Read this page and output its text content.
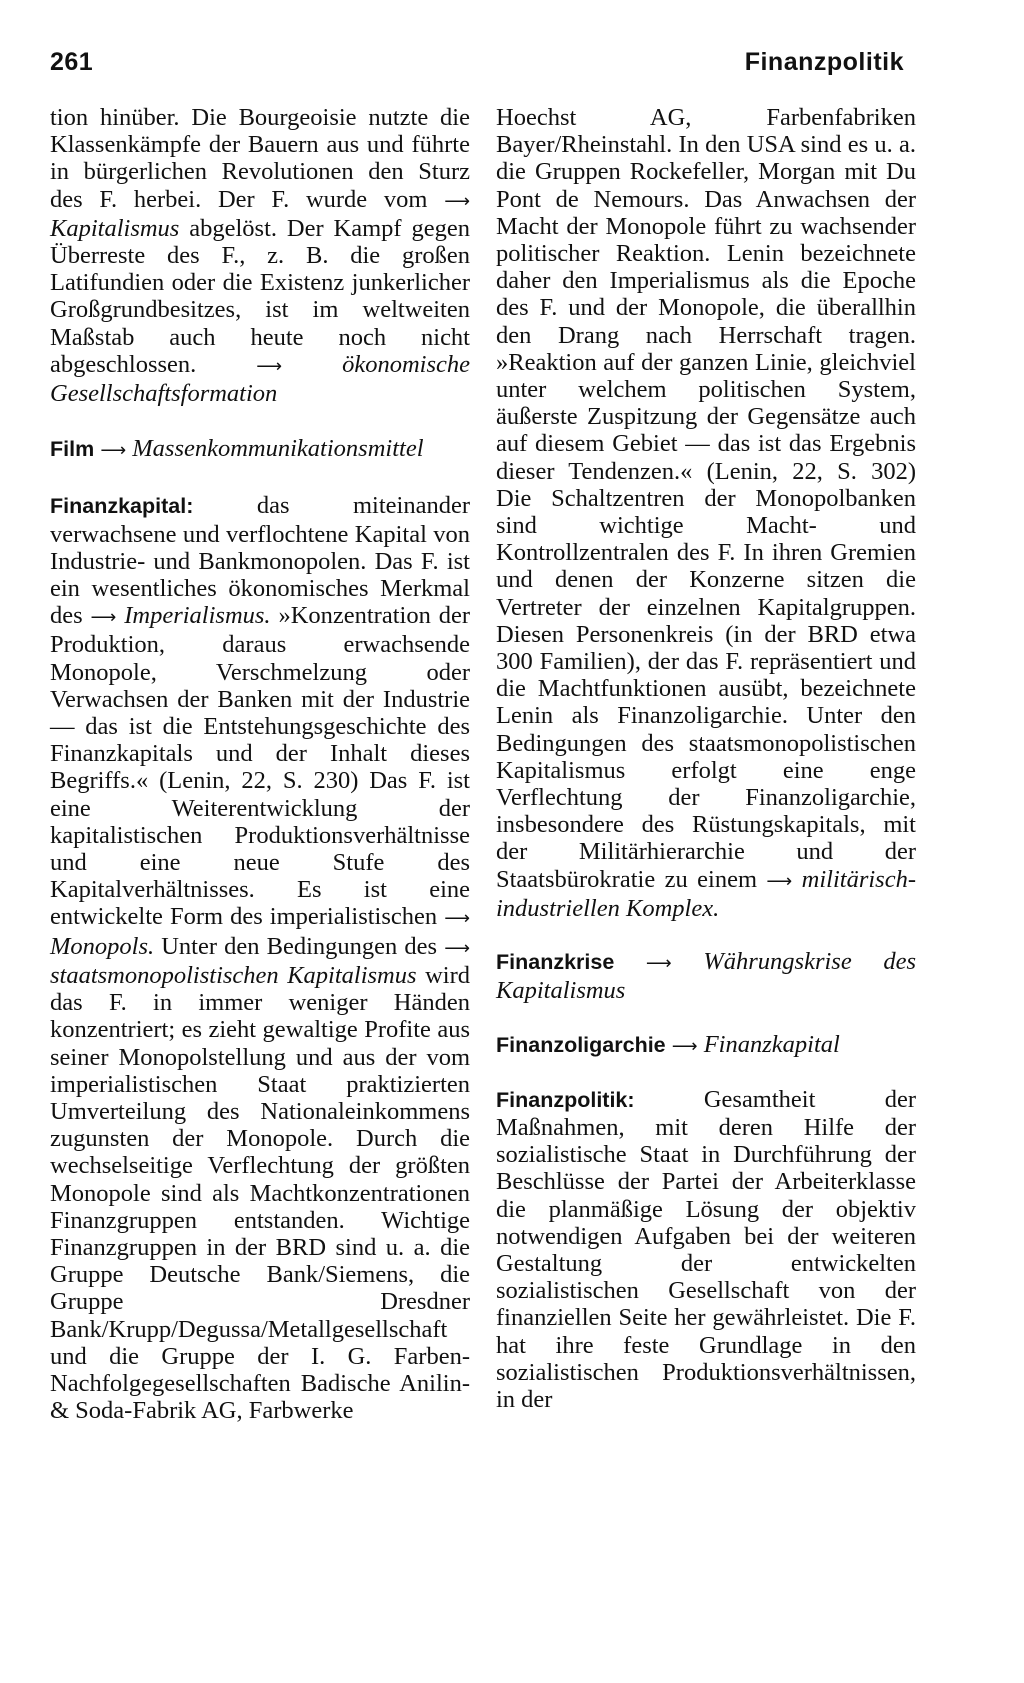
261	Finanzpolitik

tion hinüber. Die Bourgeoisie nutzte die Klassenkämpfe der Bauern aus und führte in bürgerlichen Revolutionen den Sturz des F. herbei. Der F. wurde vom ⟶ Kapitalismus abgelöst. Der Kampf gegen Überreste des F., z. B. die großen Latifundien oder die Existenz junkerlicher Großgrundbesitzes, ist im weltweiten Maßstab auch heute noch nicht abgeschlossen. ⟶ ökonomische Gesellschaftsformation

Film ⟶ Massenkommunikationsmittel

Finanzkapital: das miteinander verwachsene und verflochtene Kapital von Industrie- und Bankmonopolen. Das F. ist ein wesentliches ökonomisches Merkmal des ⟶ Imperialismus. »Konzentration der Produktion, daraus erwachsende Monopole, Verschmelzung oder Verwachsen der Banken mit der Industrie — das ist die Entstehungsgeschichte des Finanzkapitals und der Inhalt dieses Begriffs.« (Lenin, 22, S. 230) Das F. ist eine Weiterentwicklung der kapitalistischen Produktionsverhältnisse und eine neue Stufe des Kapitalverhältnisses. Es ist eine entwickelte Form des imperialistischen ⟶ Monopols. Unter den Bedingungen des ⟶ staatsmonopolistischen Kapitalismus wird das F. in immer weniger Händen konzentriert; es zieht gewaltige Profite aus seiner Monopolstellung und aus der vom imperialistischen Staat praktizierten Umverteilung des Nationaleinkommens zugunsten der Monopole. Durch die wechselseitige Verflechtung der größten Monopole sind als Machtkonzentrationen Finanzgruppen entstanden. Wichtige Finanzgruppen in der BRD sind u. a. die Gruppe Deutsche Bank/Siemens, die Gruppe Dresdner Bank/Krupp/Degussa/Metallgesellschaft und die Gruppe der I. G. Farben-Nachfolgegesellschaften Badische Anilin- & Soda-Fabrik AG, Farbwerke

Hoechst AG, Farbenfabriken Bayer/Rheinstahl. In den USA sind es u. a. die Gruppen Rockefeller, Morgan mit Du Pont de Nemours. Das Anwachsen der Macht der Monopole führt zu wachsender politischer Reaktion. Lenin bezeichnete daher den Imperialismus als die Epoche des F. und der Monopole, die überallhin den Drang nach Herrschaft tragen. »Reaktion auf der ganzen Linie, gleichviel unter welchem politischen System, äußerste Zuspitzung der Gegensätze auch auf diesem Gebiet — das ist das Ergebnis dieser Tendenzen.« (Lenin, 22, S. 302) Die Schaltzentren der Monopolbanken sind wichtige Macht- und Kontrollzentralen des F. In ihren Gremien und denen der Konzerne sitzen die Vertreter der einzelnen Kapitalgruppen. Diesen Personenkreis (in der BRD etwa 300 Familien), der das F. repräsentiert und die Machtfunktionen ausübt, bezeichnete Lenin als Finanzoligarchie. Unter den Bedingungen des staatsmonopolistischen Kapitalismus erfolgt eine enge Verflechtung der Finanzoligarchie, insbesondere des Rüstungskapitals, mit der Militärhierarchie und der Staatsbürokratie zu einem ⟶ militärisch-industriellen Komplex.

Finanzkrise ⟶ Währungskrise des Kapitalismus

Finanzoligarchie ⟶ Finanzkapital

Finanzpolitik: Gesamtheit der Maßnahmen, mit deren Hilfe der sozialistische Staat in Durchführung der Beschlüsse der Partei der Arbeiterklasse die planmäßige Lösung der objektiv notwendigen Aufgaben bei der weiteren Gestaltung der entwickelten sozialistischen Gesellschaft von der finanziellen Seite her gewährleistet. Die F. hat ihre feste Grundlage in den sozialistischen Produktionsverhältnissen, in der
